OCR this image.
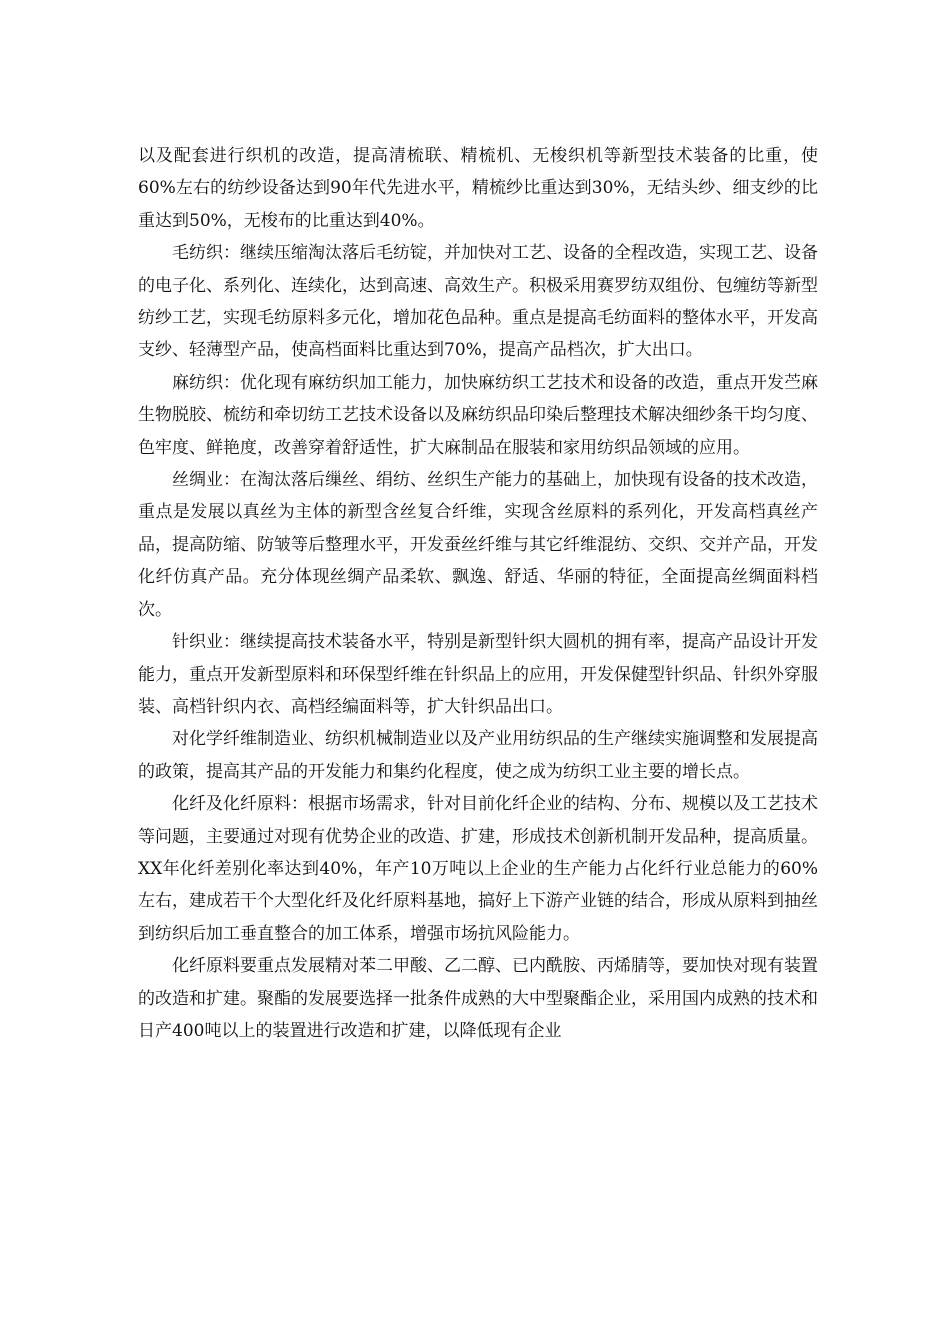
以及配套进行织机的改造，提高清梳联、精梳机、无梭织机等新型技术装备的比重，使60%左右的纺纱设备达到90年代先进水平，精梳纱比重达到30%，无结头纱、细支纱的比重达到50%，无梭布的比重达到40%。

毛纺织：继续压缩淘汰落后毛纺锭，并加快对工艺、设备的全程改造，实现工艺、设备的电子化、系列化、连续化，达到高速、高效生产。积极采用赛罗纺双组份、包缠纺等新型纺纱工艺，实现毛纺原料多元化，增加花色品种。重点是提高毛纺面料的整体水平，开发高支纱、轻薄型产品，使高档面料比重达到70%，提高产品档次，扩大出口。

麻纺织：优化现有麻纺织加工能力，加快麻纺织工艺技术和设备的改造，重点开发苎麻生物脱胶、梳纺和牵切纺工艺技术设备以及麻纺织品印染后整理技术解决细纱条干均匀度、色牢度、鲜艳度，改善穿着舒适性，扩大麻制品在服装和家用纺织品领域的应用。

丝绸业：在淘汰落后缫丝、绢纺、丝织生产能力的基础上，加快现有设备的技术改造，重点是发展以真丝为主体的新型含丝复合纤维，实现含丝原料的系列化，开发高档真丝产品，提高防缩、防皱等后整理水平，开发蚕丝纤维与其它纤维混纺、交织、交并产品，开发化纤仿真产品。充分体现丝绸产品柔软、飘逸、舒适、华丽的特征，全面提高丝绸面料档次。

针织业：继续提高技术装备水平，特别是新型针织大圆机的拥有率，提高产品设计开发能力，重点开发新型原料和环保型纤维在针织品上的应用，开发保健型针织品、针织外穿服装、高档针织内衣、高档经编面料等，扩大针织品出口。

对化学纤维制造业、纺织机械制造业以及产业用纺织品的生产继续实施调整和发展提高的政策，提高其产品的开发能力和集约化程度，使之成为纺织工业主要的增长点。

化纤及化纤原料：根据市场需求，针对目前化纤企业的结构、分布、规模以及工艺技术等问题，主要通过对现有优势企业的改造、扩建，形成技术创新机制开发品种，提高质量。XX年化纤差别化率达到40%，年产10万吨以上企业的生产能力占化纤行业总能力的60%左右，建成若干个大型化纤及化纤原料基地，搞好上下游产业链的结合，形成从原料到抽丝到纺织后加工垂直整合的加工体系，增强市场抗风险能力。

化纤原料要重点发展精对苯二甲酸、乙二醇、已内酰胺、丙烯腈等，要加快对现有装置的改造和扩建。聚酯的发展要选择一批条件成熟的大中型聚酯企业，采用国内成熟的技术和日产400吨以上的装置进行改造和扩建，以降低现有企业
